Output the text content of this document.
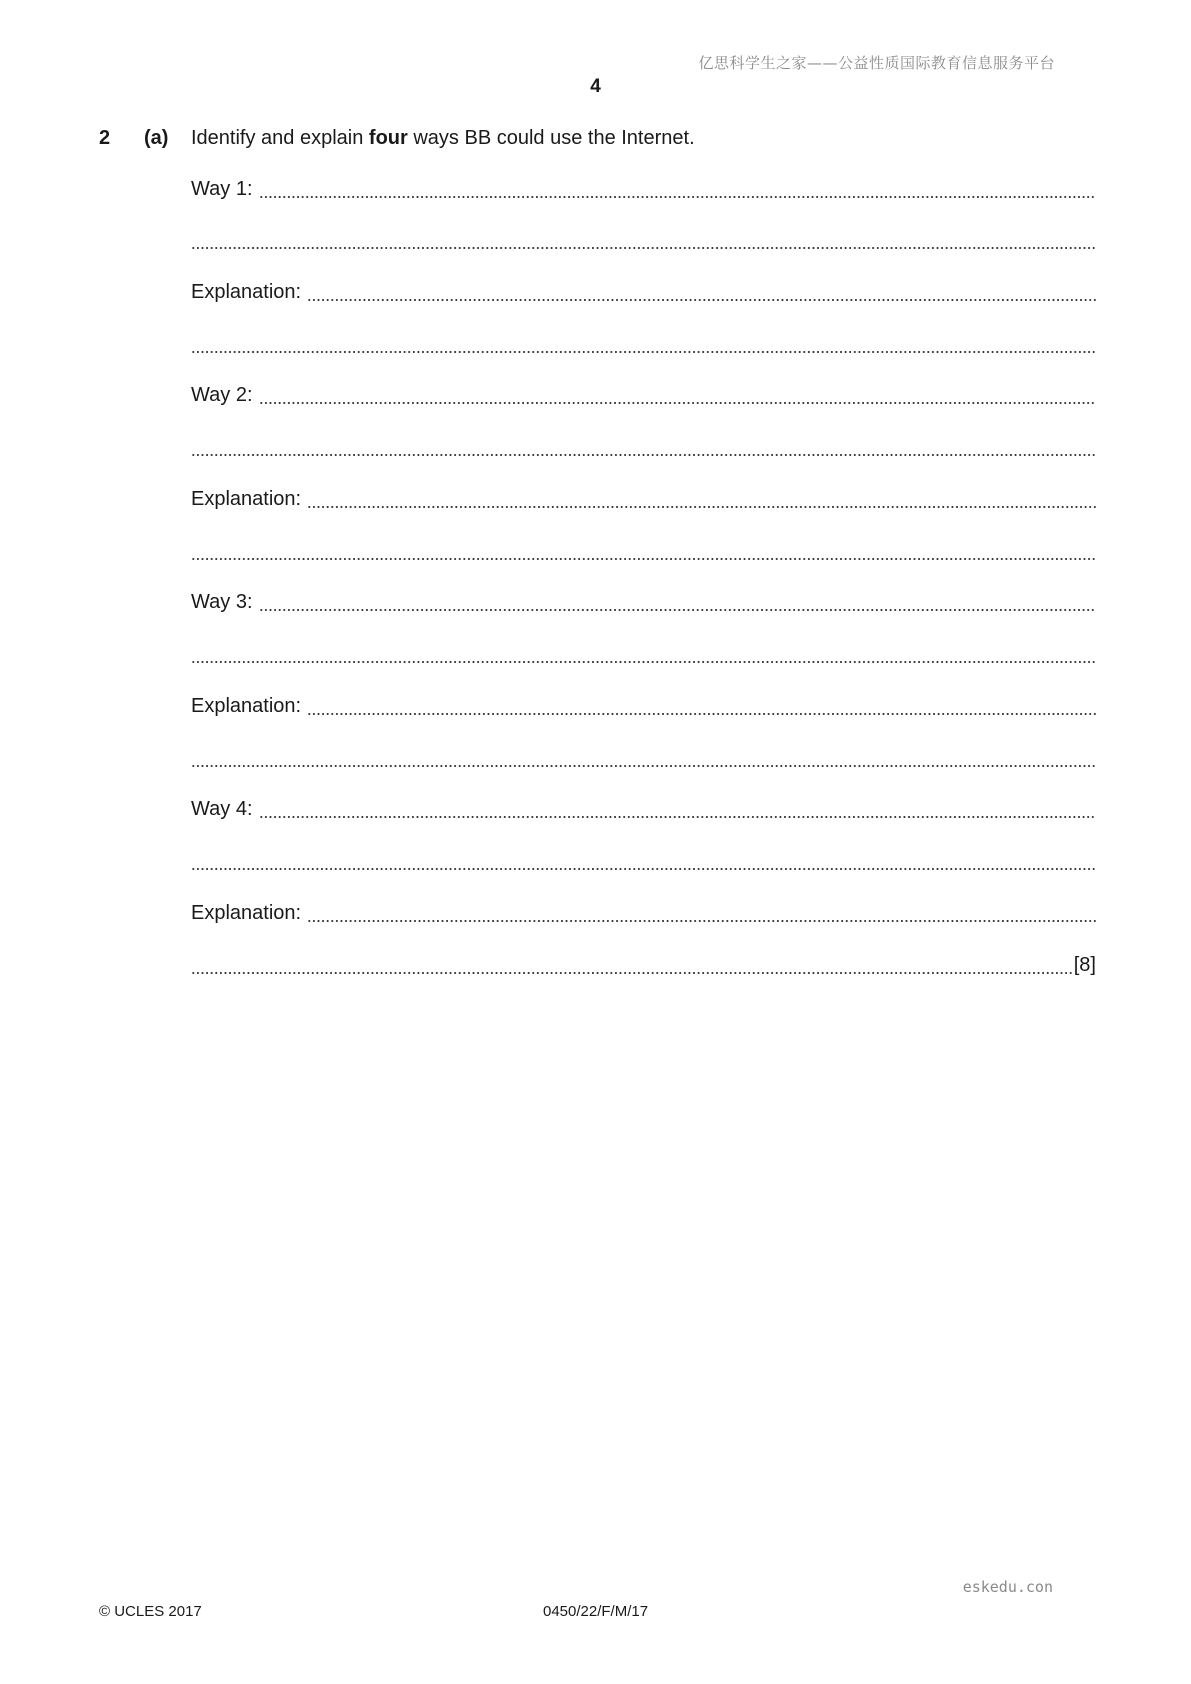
亿思科学生之家——公益性质国际教育信息服务平台
4
2 (a) Identify and explain four ways BB could use the Internet.
Way 1:
Explanation:
Way 2:
Explanation:
Way 3:
Explanation:
Way 4:
Explanation:
[8]
eskedu.con
© UCLES 2017	0450/22/F/M/17
